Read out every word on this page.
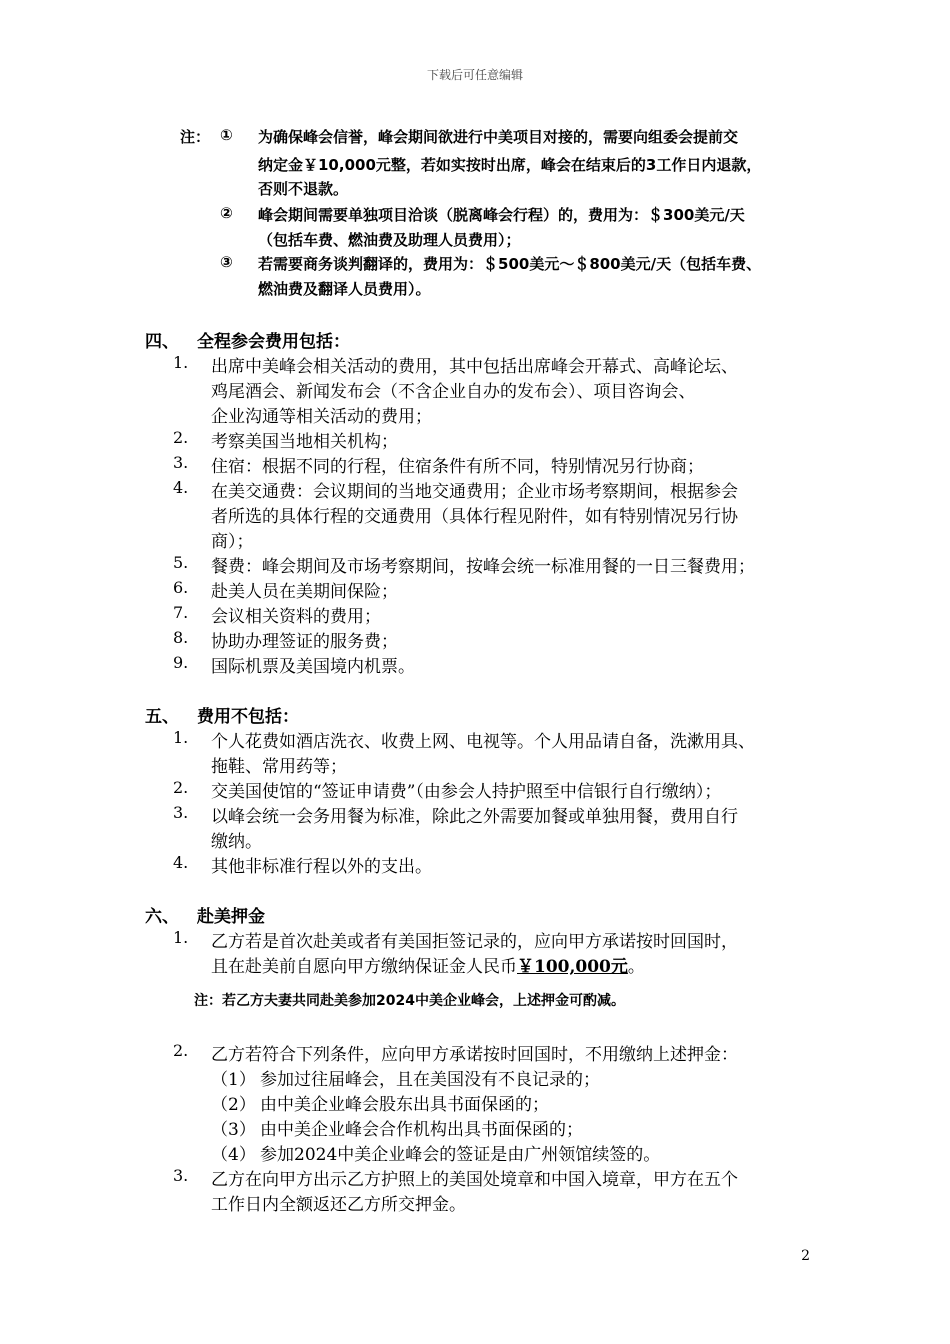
下载后可任意编辑
注： ① 为确保峰会信誉，峰会期间欲进行中美项目对接的，需要向组委会提前交
纳定金￥10,000元整，若如实按时出席，峰会在结束后的3工作日内退款，
否则不退款。
② 峰会期间需要单独项目洽谈（脱离峰会行程）的，费用为：＄300美元/天
（包括车费、燃油费及助理人员费用）；
③ 若需要商务谈判翻译的，费用为：＄500美元～＄800美元/天（包括车费、
燃油费及翻译人员费用）。
四、 全程参会费用包括：
1. 出席中美峰会相关活动的费用，其中包括出席峰会开幕式、高峰论坛、
鸡尾酒会、新闻发布会（不含企业自办的发布会）、项目咨询会、
企业沟通等相关活动的费用；
2. 考察美国当地相关机构；
3. 住宿：根据不同的行程，住宿条件有所不同，特别情况另行协商；
4. 在美交通费：会议期间的当地交通费用；企业市场考察期间，根据参会
者所选的具体行程的交通费用（具体行程见附件，如有特别情况另行协
商）；
5. 餐费：峰会期间及市场考察期间，按峰会统一标准用餐的一日三餐费用；
6. 赴美人员在美期间保险；
7. 会议相关资料的费用；
8. 协助办理签证的服务费；
9. 国际机票及美国境内机票。
五、 费用不包括：
1. 个人花费如酒店洗衣、收费上网、电视等。个人用品请自备，洗漱用具、
拖鞋、常用药等；
2. 交美国使馆的“签证申请费”（由参会人持护照至中信银行自行缴纳）；
3. 以峰会统一会务用餐为标准，除此之外需要加餐或单独用餐，费用自行
缴纳。
4. 其他非标准行程以外的支出。
六、 赴美押金
1. 乙方若是首次赴美或者有美国拒签记录的，应向甲方承诺按时回国时，
且在赴美前自愿向甲方缴纳保证金人民币￥100,000元。
注：若乙方夫妻共同赴美参加2024中美企业峰会，上述押金可酌减。
2. 乙方若符合下列条件，应向甲方承诺按时回国时，不用缴纳上述押金：
（1） 参加过往届峰会，且在美国没有不良记录的；
（2） 由中美企业峰会股东出具书面保函的；
（3） 由中美企业峰会合作机构出具书面保函的；
（4） 参加2024中美企业峰会的签证是由广州领馆续签的。
3. 乙方在向甲方出示乙方护照上的美国处境章和中国入境章，甲方在五个
工作日内全额返还乙方所交押金。
2
